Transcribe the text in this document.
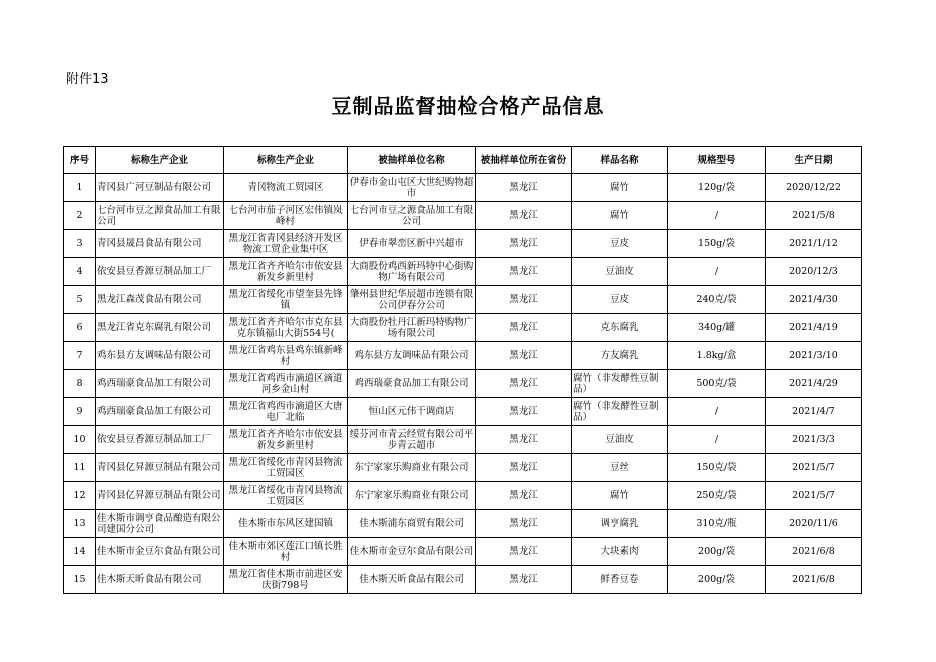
附件13
豆制品监督抽检合格产品信息
序号	标称生产企业	标称生产企业	被抽样单位名称	被抽样单位所在省份	样品名称	规格型号	生产日期
1	青冈县广河豆制品有限公司	青冈物流工贸园区	伊春市金山屯区大世纪购物超市	黑龙江	腐竹	120g/袋	2020/12/22
2	七台河市豆之源食品加工有限公司	七台河市茄子河区宏伟镇岚峰村	七台河市豆之源食品加工有限公司	黑龙江	腐竹	/	2021/5/8
3	青冈县晟昌食品有限公司	黑龙江省青冈县经济开发区物流工贸企业集中区	伊春市翠峦区新中兴超市	黑龙江	豆皮	150g/袋	2021/1/12
4	依安县豆香源豆制品加工厂	黑龙江省齐齐哈尔市依安县新发乡新里村	大商股份鸡西新玛特中心街购物广场有限公司	黑龙江	豆油皮	/	2020/12/3
5	黑龙江森茂食品有限公司	黑龙江省绥化市望奎县先锋镇	肇州县世纪华辰超市连锁有限公司伊春分公司	黑龙江	豆皮	240克/袋	2021/4/30
6	黑龙江省克东腐乳有限公司	黑龙江省齐齐哈尔市克东县克东镇福山大街554号(	大商股份牡丹江新玛特购物广场有限公司	黑龙江	克东腐乳	340g/罐	2021/4/19
7	鸡东县方友调味品有限公司	黑龙江省鸡东县鸡东镇新峰村	鸡东县方友调味品有限公司	黑龙江	方友腐乳	1.8kg/盒	2021/3/10
8	鸡西瑞豪食品加工有限公司	黑龙江省鸡西市滴道区滴道河乡金山村	鸡西瑞豪食品加工有限公司	黑龙江	腐竹（非发酵性豆制品）	500克/袋	2021/4/29
9	鸡西瑞豪食品加工有限公司	黑龙江省鸡西市滴道区大唐电厂北临	恒山区元伟干调商店	黑龙江	腐竹（非发酵性豆制品）	/	2021/4/7
10	依安县豆香源豆制品加工厂	黑龙江省齐齐哈尔市依安县新发乡新里村	绥芬河市青云经贸有限公司平步青云超市	黑龙江	豆油皮	/	2021/3/3
11	青冈县亿昇源豆制品有限公司	黑龙江省绥化市青冈县物流工贸园区	东宁家家乐购商业有限公司	黑龙江	豆丝	150克/袋	2021/5/7
12	青冈县亿昇源豆制品有限公司	黑龙江省绥化市青冈县物流工贸园区	东宁家家乐购商业有限公司	黑龙江	腐竹	250克/袋	2021/5/7
13	佳木斯市调亨食品酿造有限公司建国分公司	佳木斯市东风区建国镇	佳木斯浦东商贸有限公司	黑龙江	调亨腐乳	310克/瓶	2020/11/6
14	佳木斯市金豆尔食品有限公司	佳木斯市郊区莲江口镇长胜村	佳木斯市金豆尔食品有限公司	黑龙江	大块素肉	200g/袋	2021/6/8
15	佳木斯天昕食品有限公司	黑龙江省佳木斯市前进区安庆街798号	佳木斯天昕食品有限公司	黑龙江	鲜香豆卷	200g/袋	2021/6/8
